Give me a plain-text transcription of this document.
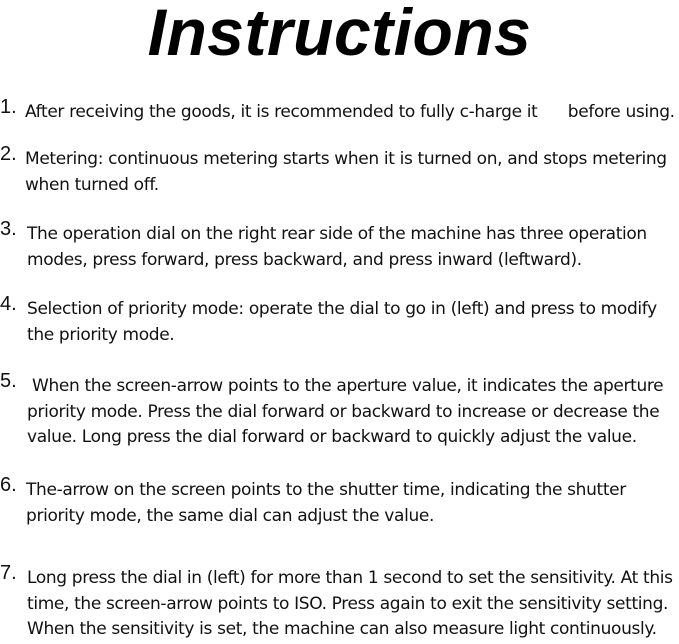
Instructions
1. After receiving the goods, it is recommended to fully c-harge it      before using.
2. Metering: continuous metering starts when it is turned on, and stops metering
when turned off.
3. The operation dial on the right rear side of the machine has three operation
modes, press forward, press backward, and press inward (leftward).
4. Selection of priority mode: operate the dial to go in (left) and press to modify
the priority mode.
5. When the screen-arrow points to the aperture value, it indicates the aperture
priority mode. Press the dial forward or backward to increase or decrease the
value. Long press the dial forward or backward to quickly adjust the value.
6. The-arrow on the screen points to the shutter time, indicating the shutter
priority mode, the same dial can adjust the value.
7. Long press the dial in (left) for more than 1 second to set the sensitivity. At this
time, the screen-arrow points to ISO. Press again to exit the sensitivity setting.
When the sensitivity is set, the machine can also measure light continuously.
